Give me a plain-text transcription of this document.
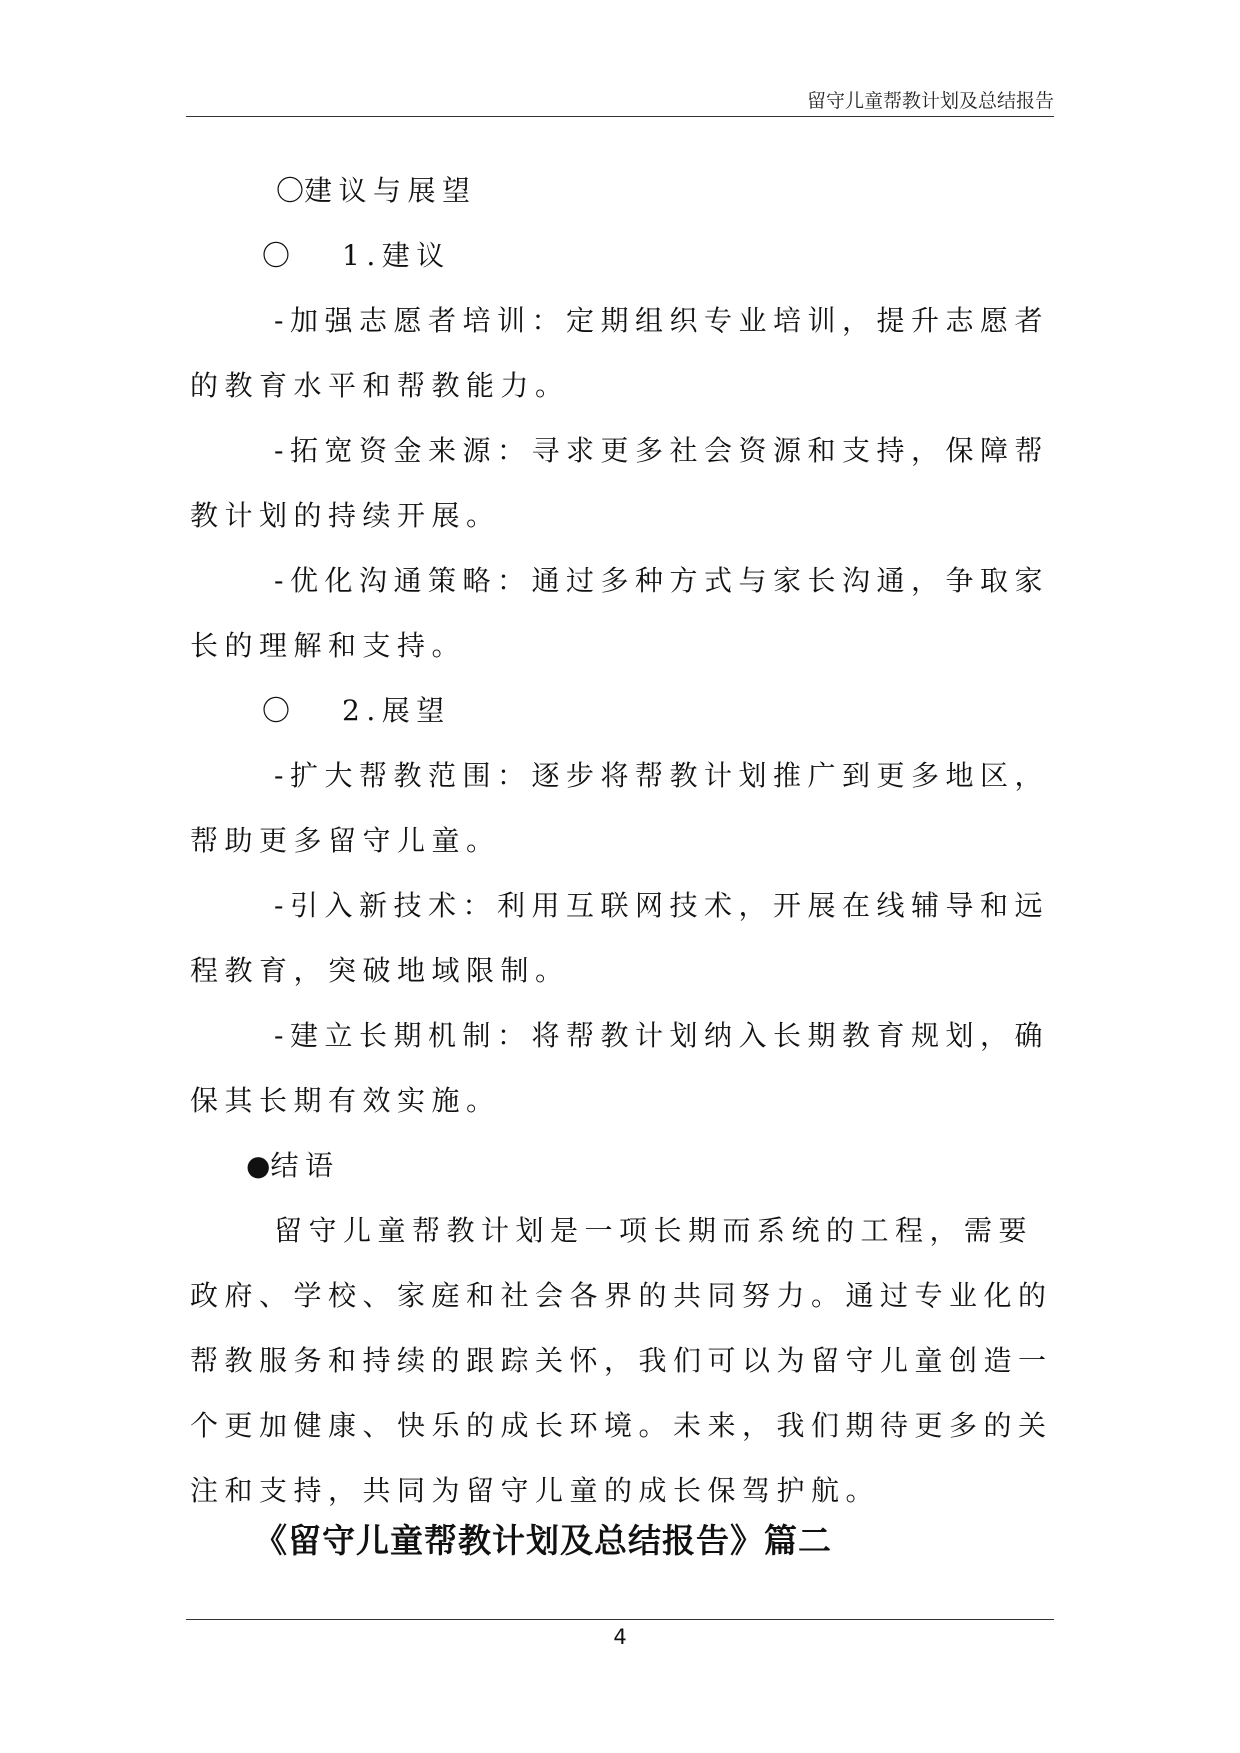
留守儿童帮教计划及总结报告

〇建议与展望

〇 1.建议

-加强志愿者培训：定期组织专业培训，提升志愿者的教育水平和帮教能力。

-拓宽资金来源：寻求更多社会资源和支持，保障帮教计划的持续开展。

-优化沟通策略：通过多种方式与家长沟通，争取家长的理解和支持。

〇 2.展望

-扩大帮教范围：逐步将帮教计划推广到更多地区，帮助更多留守儿童。

-引入新技术：利用互联网技术，开展在线辅导和远程教育，突破地域限制。

-建立长期机制：将帮教计划纳入长期教育规划，确保其长期有效实施。

●结语

留守儿童帮教计划是一项长期而系统的工程，需要政府、学校、家庭和社会各界的共同努力。通过专业化的帮教服务和持续的跟踪关怀，我们可以为留守儿童创造一个更加健康、快乐的成长环境。未来，我们期待更多的关注和支持，共同为留守儿童的成长保驾护航。

《留守儿童帮教计划及总结报告》篇二
4
